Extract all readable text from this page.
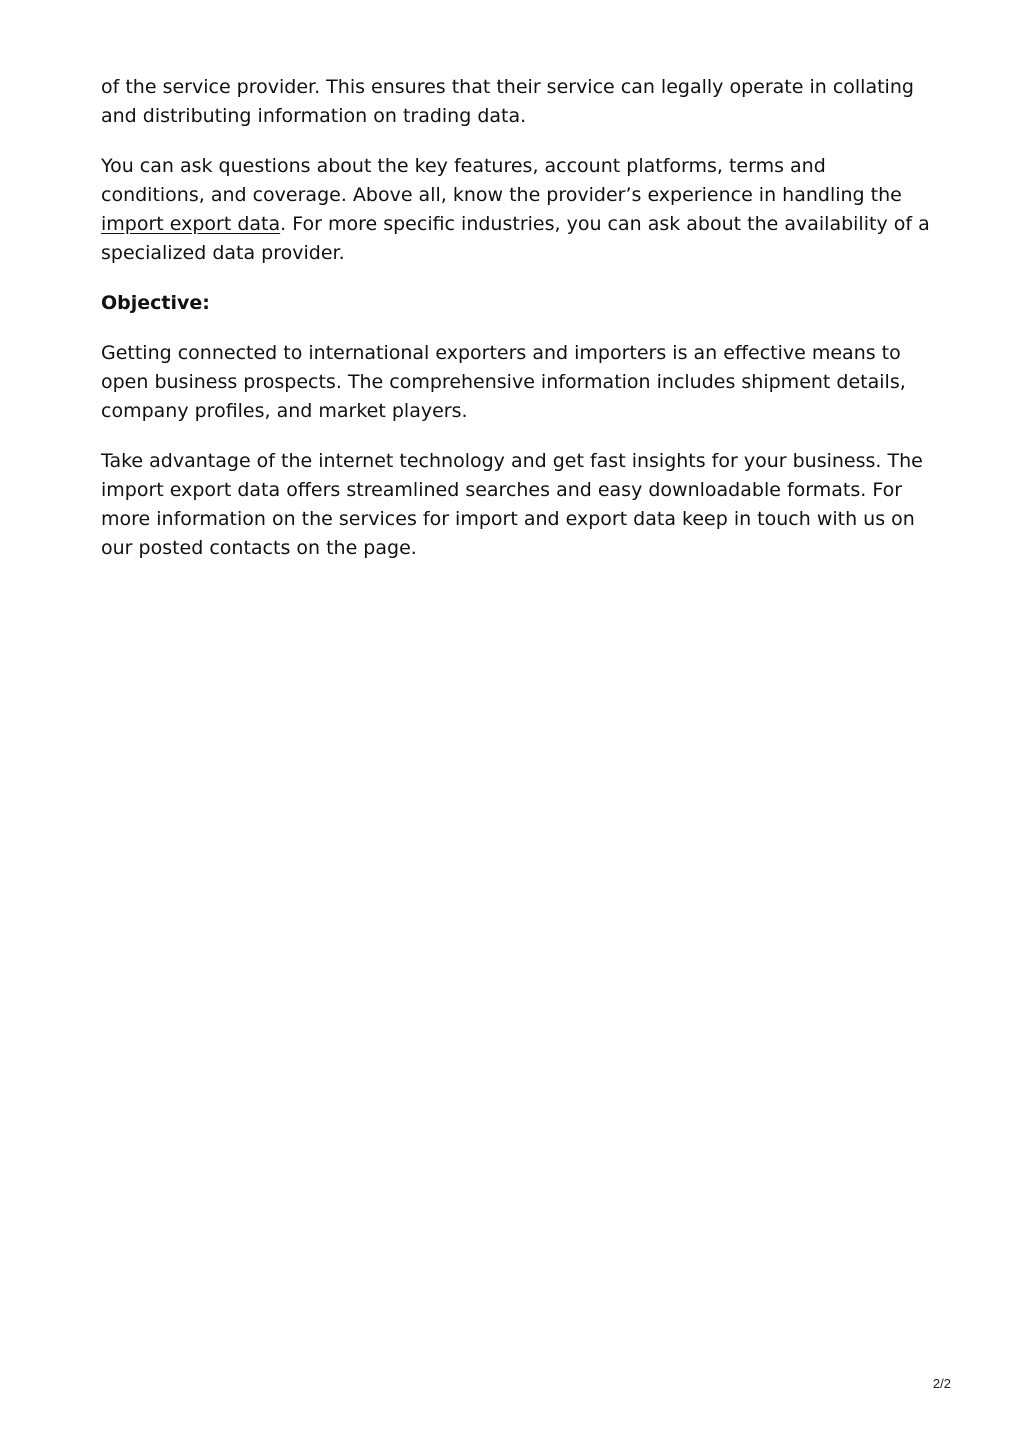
of the service provider. This ensures that their service can legally operate in collating and distributing information on trading data.

You can ask questions about the key features, account platforms, terms and conditions, and coverage. Above all, know the provider’s experience in handling the import export data. For more specific industries, you can ask about the availability of a specialized data provider.

Objective:

Getting connected to international exporters and importers is an effective means to open business prospects. The comprehensive information includes shipment details, company profiles, and market players.

Take advantage of the internet technology and get fast insights for your business. The import export data offers streamlined searches and easy downloadable formats. For more information on the services for import and export data keep in touch with us on our posted contacts on the page.

2/2
